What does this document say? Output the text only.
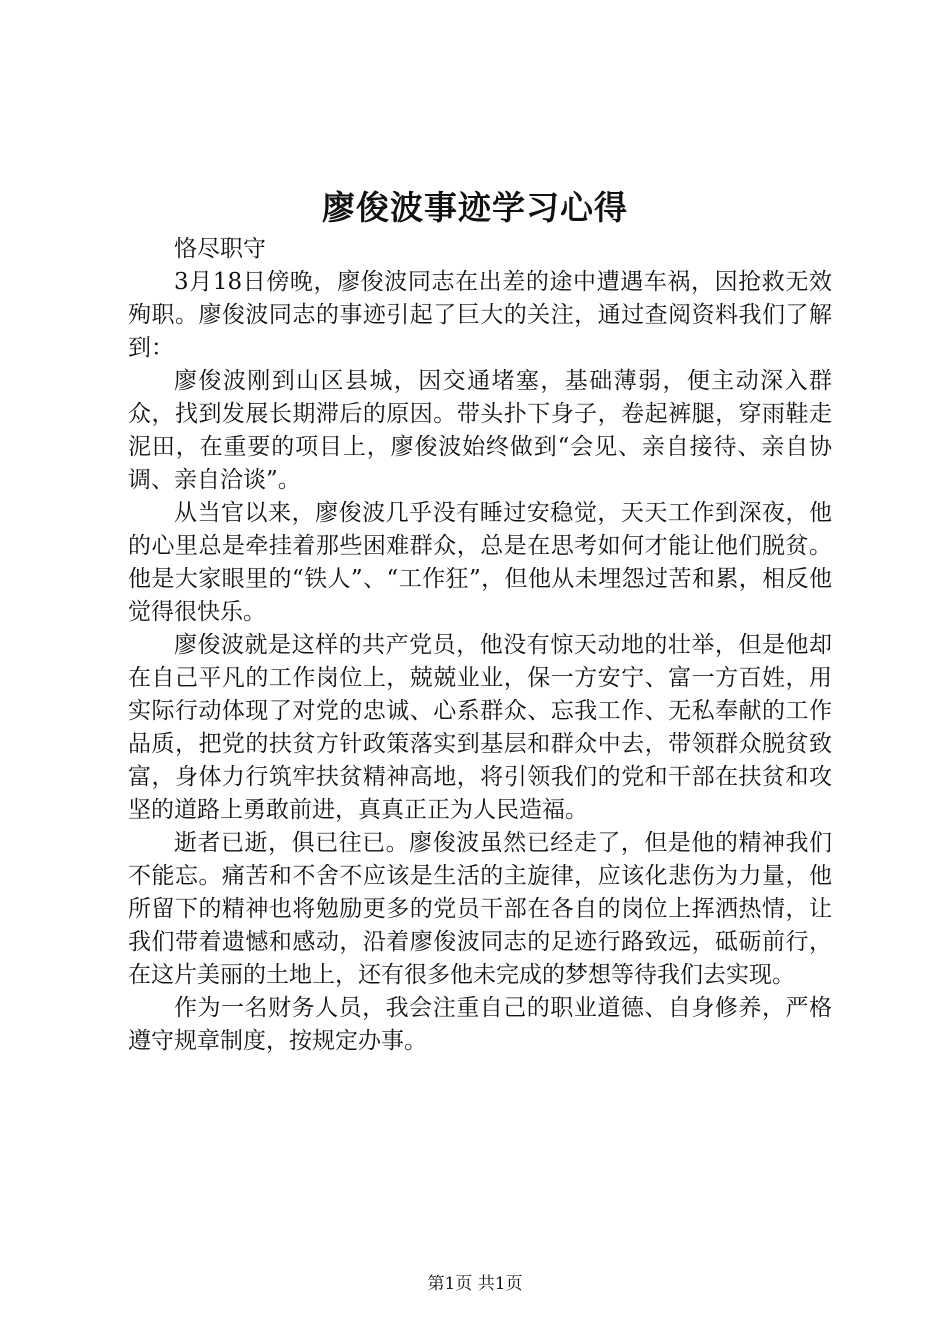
廖俊波事迹学习心得

恪尽职守

3月18日傍晚，廖俊波同志在出差的途中遭遇车祸，因抢救无效殉职。廖俊波同志的事迹引起了巨大的关注，通过查阅资料我们了解到：

廖俊波刚到山区县城，因交通堵塞，基础薄弱，便主动深入群众，找到发展长期滞后的原因。带头扑下身子，卷起裤腿，穿雨鞋走泥田，在重要的项目上，廖俊波始终做到“会见、亲自接待、亲自协调、亲自洽谈”。

从当官以来，廖俊波几乎没有睡过安稳觉，天天工作到深夜，他的心里总是牵挂着那些困难群众，总是在思考如何才能让他们脱贫。他是大家眼里的“铁人”、“工作狂”，但他从未埋怨过苦和累，相反他觉得很快乐。

廖俊波就是这样的共产党员，他没有惊天动地的壮举，但是他却在自己平凡的工作岗位上，兢兢业业，保一方安宁、富一方百姓，用实际行动体现了对党的忠诚、心系群众、忘我工作、无私奉献的工作品质，把党的扶贫方针政策落实到基层和群众中去，带领群众脱贫致富，身体力行筑牢扶贫精神高地，将引领我们的党和干部在扶贫和攻坚的道路上勇敢前进，真真正正为人民造福。

逝者已逝，俱已往已。廖俊波虽然已经走了，但是他的精神我们不能忘。痛苦和不舍不应该是生活的主旋律，应该化悲伤为力量，他所留下的精神也将勉励更多的党员干部在各自的岗位上挥洒热情，让我们带着遗憾和感动，沿着廖俊波同志的足迹行路致远，砥砺前行，在这片美丽的土地上，还有很多他未完成的梦想等待我们去实现。

作为一名财务人员，我会注重自己的职业道德、自身修养，严格遵守规章制度，按规定办事。

第1页 共1页
